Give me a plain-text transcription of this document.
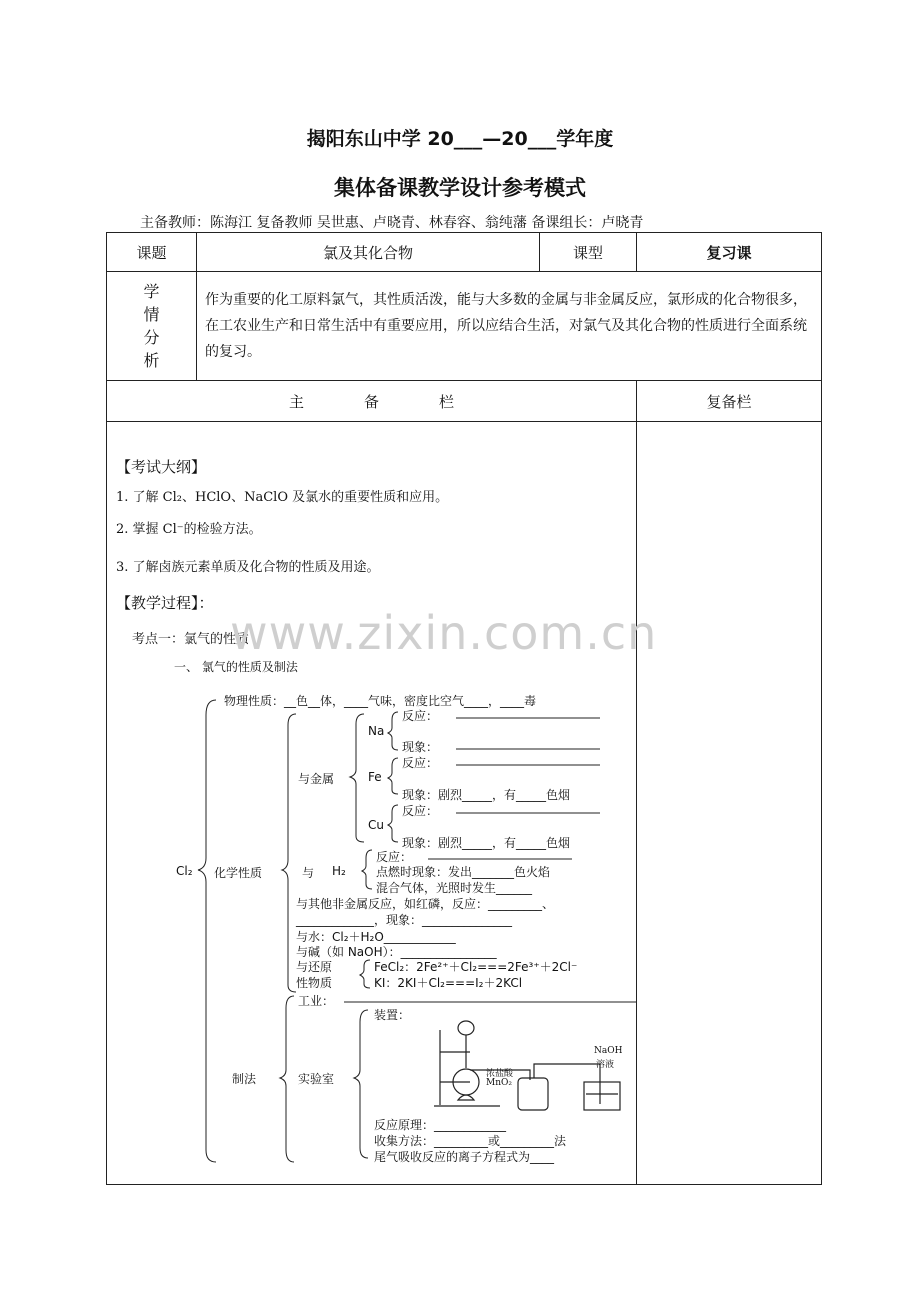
揭阳东山中学 20___—20___学年度
集体备课教学设计参考模式
主备教师：陈海江 复备教师 吴世惠、卢晓青、林春容、翁纯藩 备课组长：卢晓青
课题	氯及其化合物	课型	复习课

学
情
分
析	作为重要的化工原料氯气，其性质活泼，能与大多数的金属与非金属反应，氯形成的化合物很多，在工农业生产和日常生活中有重要应用，所以应结合生活，对氯气及其化合物的性质进行全面系统的复习。		
主　　　　备　　　　栏			复备栏

【考试大纲】
1. 了解 Cl₂、HClO、NaClO 及氯水的重要性质和应用。
2. 掌握 Cl⁻的检验方法。
3. 了解卤族元素单质及化合物的性质及用途。
【教学过程】：
考点一：氯气的性质
一、 氯气的性质及制法
www.zixin.com.cn
物理性质：__色__体，____气味，密度比空气____，____毒
Cl₂ 化学性质
与金属
Na
反应：
现象：
Fe
反应：
现象：剧烈_____，有_____色烟
Cu
反应：
现象：剧烈_____，有_____色烟
与 H₂
反应：
点燃时现象：发出_______色火焰
混合气体，光照时发生______
与其他非金属反应，如红磷，反应：_________、
_____________，现象：_______________
与水：Cl₂＋H₂O____________
与碱（如 NaOH）：________________
与还原
性物质
FeCl₂：2Fe²⁺＋Cl₂===2Fe³⁺＋2Cl⁻
KI：2KI＋Cl₂===I₂＋2KCl
制法
工业：
实验室
装置：
浓盐酸
MnO₂
NaOH
溶液
反应原理：____________
收集方法：_________或_________法
尾气吸收反应的离子方程式为____
